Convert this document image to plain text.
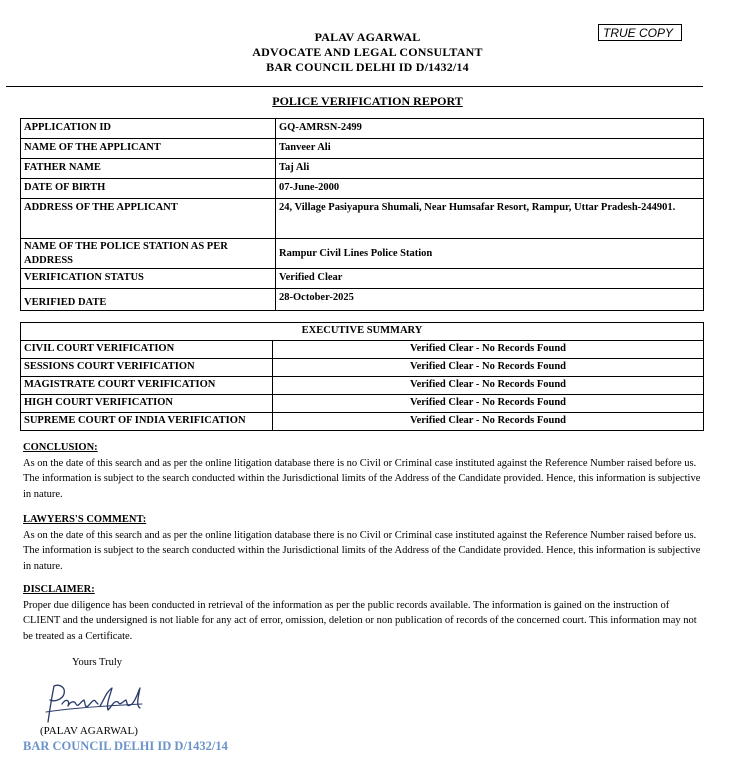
PALAV AGARWAL
ADVOCATE AND LEGAL CONSULTANT
BAR COUNCIL DELHI ID D/1432/14
TRUE COPY
POLICE VERIFICATION REPORT
APPLICATION ID	GQ-AMRSN-2499
NAME OF THE APPLICANT	Tanveer Ali
FATHER NAME	Taj Ali
DATE OF BIRTH	07-June-2000
ADDRESS OF THE APPLICANT	24, Village Pasiyapura Shumali, Near Humsafar Resort, Rampur, Uttar Pradesh-244901.
NAME OF THE POLICE STATION AS PER ADDRESS	Rampur Civil Lines Police Station
VERIFICATION STATUS	Verified Clear
VERIFIED DATE	28-October-2025
EXECUTIVE SUMMARY	
CIVIL COURT VERIFICATION	Verified Clear - No Records Found
SESSIONS COURT VERIFICATION	Verified Clear - No Records Found
MAGISTRATE COURT VERIFICATION	Verified Clear - No Records Found
HIGH COURT VERIFICATION	Verified Clear - No Records Found
SUPREME COURT OF INDIA VERIFICATION	Verified Clear - No Records Found
CONCLUSION:
As on the date of this search and as per the online litigation database there is no Civil or Criminal case instituted against the Reference Number raised before us. The information is subject to the search conducted within the Jurisdictional limits of the Address of the Candidate provided. Hence, this information is subjective in nature.
LAWYERS'S COMMENT:
As on the date of this search and as per the online litigation database there is no Civil or Criminal case instituted against the Reference Number raised before us. The information is subject to the search conducted within the Jurisdictional limits of the Address of the Candidate provided. Hence, this information is subjective in nature.
DISCLAIMER:
Proper due diligence has been conducted in retrieval of the information as per the public records available. The information is gained on the instruction of CLIENT and the undersigned is not liable for any act of error, omission, deletion or non publication of records of the concerned court. This information may not be treated as a Certificate.
Yours Truly
(PALAV AGARWAL)
BAR COUNCIL DELHI ID D/1432/14
